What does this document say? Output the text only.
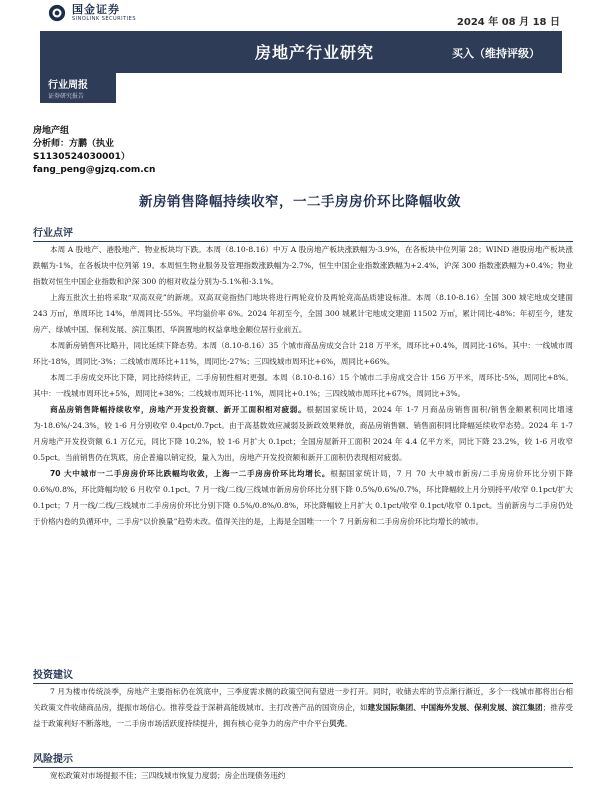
国金证券
SINOLINK SECURITIES	2024 年 08 月 18 日
房地产行业研究	买入（维持评级）
行业周报
证券研究报告
房地产组
分析师：方鹏（执业
S1130524030001）
fang_peng@gjzq.com.cn
新房销售降幅持续收窄，一二手房房价环比降幅收敛
行业点评

本周 A 股地产、港股地产、物业板块均下跌。本周（8.10-8.16）中万 A 股房地产板块涨跌幅为-3.9%，在各板块中位列第 28；WIND 港股房地产板块涨跌幅为-1%，在各板块中位列第 19。本周恒生物业服务及管理指数涨跌幅为-2.7%，恒生中国企业指数涨跌幅为+2.4%，沪深 300 指数涨跌幅为+0.4%；物业指数对恒生中国企业指数和沪深 300 的相对收益分别为-5.1%和-3.1%。

上海五批次土拍将采取“双高双竞”的新规。双高双竞指热门地块将进行两轮竞价及两轮竞高品质建设标准。本周（8.10-8.16）全国 300 城宅地成交建面 243 万㎡，单周环比 14%，单周同比-55%。平均溢价率 6%。2024 年初至今，全国 300 城累计宅地成交建面 11502 万㎡，累计同比-48%；年初至今，建发房产、绿城中国、保利发展、滨江集团、华润置地的权益拿地金额位居行业前五。

本周新房销售环比略升，同比延续下降态势。本周（8.10-8.16）35 个城市商品房成交合计 218 万平米，周环比+0.4%，周同比-16%。其中：一线城市周环比-18%，周同比-3%；二线城市周环比+11%，周同比-27%；三四线城市周环比+6%，周同比+66%。

本周二手房成交环比下降，同比持续转正，二手房韧性相对更强。本周（8.10-8.16）15 个城市二手房成交合计 156 万平米，周环比-5%，周同比+8%。其中：一线城市周环比+5%，周同比+38%；二线城市周环比-11%，周同比+0.1%；三四线城市周环比+67%，周同比+3%。

商品房销售降幅持续收窄，房地产开发投资额、新开工面积相对疲弱。根据国家统计局，2024 年 1-7 月商品房销售面积/销售金额累积同比增速为-18.6%/-24.3%，较 1-6 月分别收窄 0.4pct/0.7pct。由于高基数效应减弱及新政效果释放，商品房销售额、销售面积同比降幅延续收窄态势。2024 年 1-7 月房地产开发投资额 6.1 万亿元，同比下降 10.2%，较 1-6 月扩大 0.1pct；全国房屋新开工面积 2024 年 4.4 亿平方米，同比下降 23.2%，较 1-6 月收窄 0.5pct。当前销售仍在筑底，房企普遍以销定投，量入为出，房地产开发投资额和新开工面积仍表现相对疲弱。

70 大中城市一二手房房价环比跌幅均收敛，上海一二手房房价环比均增长。根据国家统计局，7 月 70 大中城市新房/二手房房价环比分别下降 0.6%/0.8%，环比降幅均较 6 月收窄 0.1pct。7 月一线/二线/三线城市新房房价环比分别下降 0.5%/0.6%/0.7%，环比降幅较上月分别持平/收窄 0.1pct/扩大 0.1pct；7 月一线/二线/三线城市二手房房价环比分别下降 0.5%/0.8%/0.8%，环比降幅较上月扩大 0.1pct/收窄 0.1pct/收窄 0.1pct。当前新房与二手房仍处于价格内卷的负循环中，二手房“以价换量”趋势未改。值得关注的是，上海是全国唯一一个 7 月新房和二手房房价环比均增长的城市。

投资建议

7 月为楼市传统淡季，房地产主要指标仍在筑底中，三季度需求侧的政策空间有望进一步打开。同时，收储去库的节点渐行渐近，多个一线城市都将出台相关政策文件收储商品房，提振市场信心。推荐受益于深耕高能级城市、主打改善产品的国资房企，如建发国际集团、中国海外发展、保利发展、滨江集团；推荐受益于政策利好不断落地，一二手房市场活跃度持续提升，拥有核心竞争力的房产中介平台贝壳。

风险提示

宽松政策对市场提振不佳；三四线城市恢复力度弱；房企出现债务违约
